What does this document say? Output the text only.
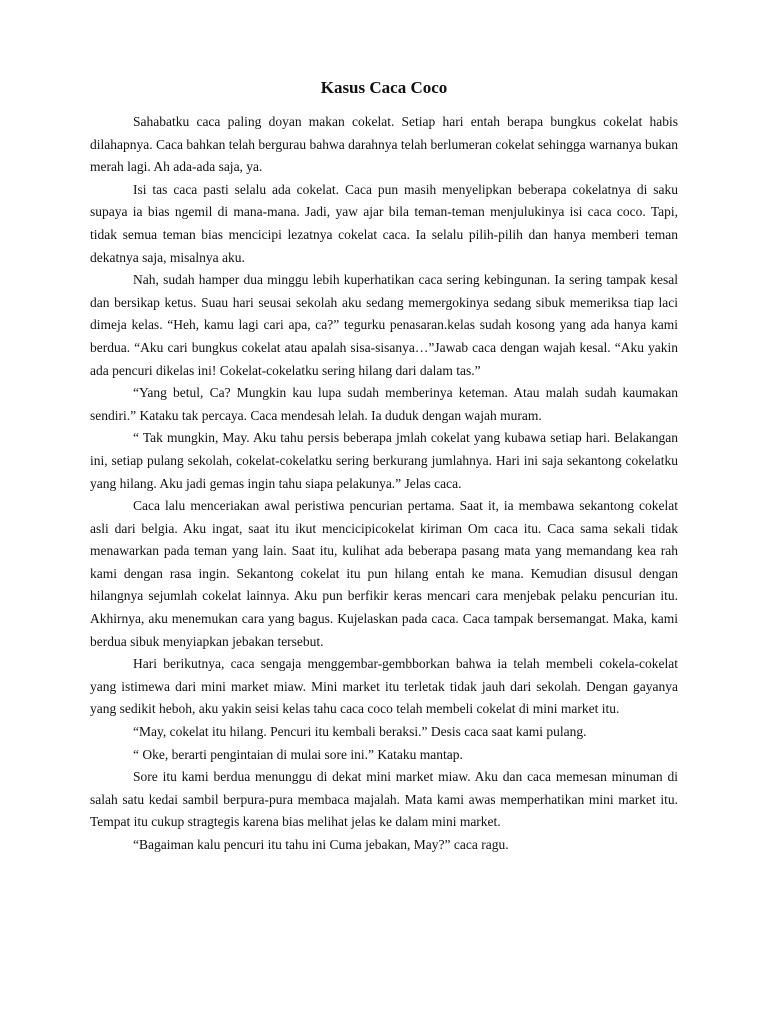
Kasus Caca Coco

Sahabatku caca paling doyan makan cokelat. Setiap hari entah berapa bungkus cokelat habis dilahapnya. Caca bahkan telah bergurau bahwa darahnya telah berlumeran cokelat sehingga warnanya bukan merah lagi. Ah ada-ada saja, ya.

Isi tas caca pasti selalu ada cokelat. Caca pun masih menyelipkan beberapa cokelatnya di saku supaya ia bias ngemil di mana-mana. Jadi, yaw ajar bila teman-teman menjulukinya isi caca coco. Tapi, tidak semua teman bias mencicipi lezatnya cokelat caca. Ia selalu pilih-pilih dan hanya memberi teman dekatnya saja, misalnya aku.

Nah, sudah hamper dua minggu lebih kuperhatikan caca sering kebingunan. Ia sering tampak kesal dan bersikap ketus. Suau hari seusai sekolah aku sedang memergokinya sedang sibuk memeriksa tiap laci dimeja kelas. “Heh, kamu lagi cari apa, ca?” tegurku penasaran.kelas sudah kosong yang ada hanya kami berdua. “Aku cari bungkus cokelat atau apalah sisa-sisanya…”Jawab caca dengan wajah kesal. “Aku yakin ada pencuri dikelas ini! Cokelat-cokelatku sering hilang dari dalam tas.”

“Yang betul, Ca? Mungkin kau lupa sudah memberinya keteman. Atau malah sudah kaumakan sendiri.” Kataku tak percaya. Caca mendesah lelah. Ia duduk dengan wajah muram.

“ Tak mungkin, May. Aku tahu persis beberapa jmlah cokelat yang kubawa setiap hari. Belakangan ini, setiap pulang sekolah, cokelat-cokelatku sering berkurang jumlahnya. Hari ini saja sekantong cokelatku yang hilang. Aku jadi gemas ingin tahu siapa pelakunya.” Jelas caca.

Caca lalu menceriakan awal peristiwa pencurian pertama. Saat it, ia membawa sekantong cokelat asli dari belgia. Aku ingat, saat itu ikut mencicipicokelat kiriman Om caca itu. Caca sama sekali tidak menawarkan pada teman yang lain. Saat itu, kulihat ada beberapa pasang mata yang memandang kea rah kami dengan rasa ingin. Sekantong cokelat itu pun hilang entah ke mana. Kemudian disusul dengan hilangnya sejumlah cokelat lainnya. Aku pun berfikir keras mencari cara menjebak pelaku pencurian itu. Akhirnya, aku menemukan cara yang bagus. Kujelaskan pada caca. Caca tampak bersemangat. Maka, kami berdua sibuk menyiapkan jebakan tersebut.

Hari berikutnya, caca sengaja menggembar-gembborkan bahwa ia telah membeli cokela-cokelat yang istimewa dari mini market miaw. Mini market itu terletak tidak jauh dari sekolah. Dengan gayanya yang sedikit heboh, aku yakin seisi kelas tahu caca coco telah membeli cokelat di mini market itu.

“May, cokelat itu hilang. Pencuri itu kembali beraksi.” Desis caca saat kami pulang.

“ Oke, berarti pengintaian di mulai sore ini.” Kataku mantap.

Sore itu kami berdua menunggu di dekat mini market miaw. Aku dan caca memesan minuman di salah satu kedai sambil berpura-pura membaca majalah. Mata kami awas memperhatikan mini market itu. Tempat itu cukup stragtegis karena bias melihat jelas ke dalam mini market.

“Bagaiman kalu pencuri itu tahu ini Cuma jebakan, May?” caca ragu.
